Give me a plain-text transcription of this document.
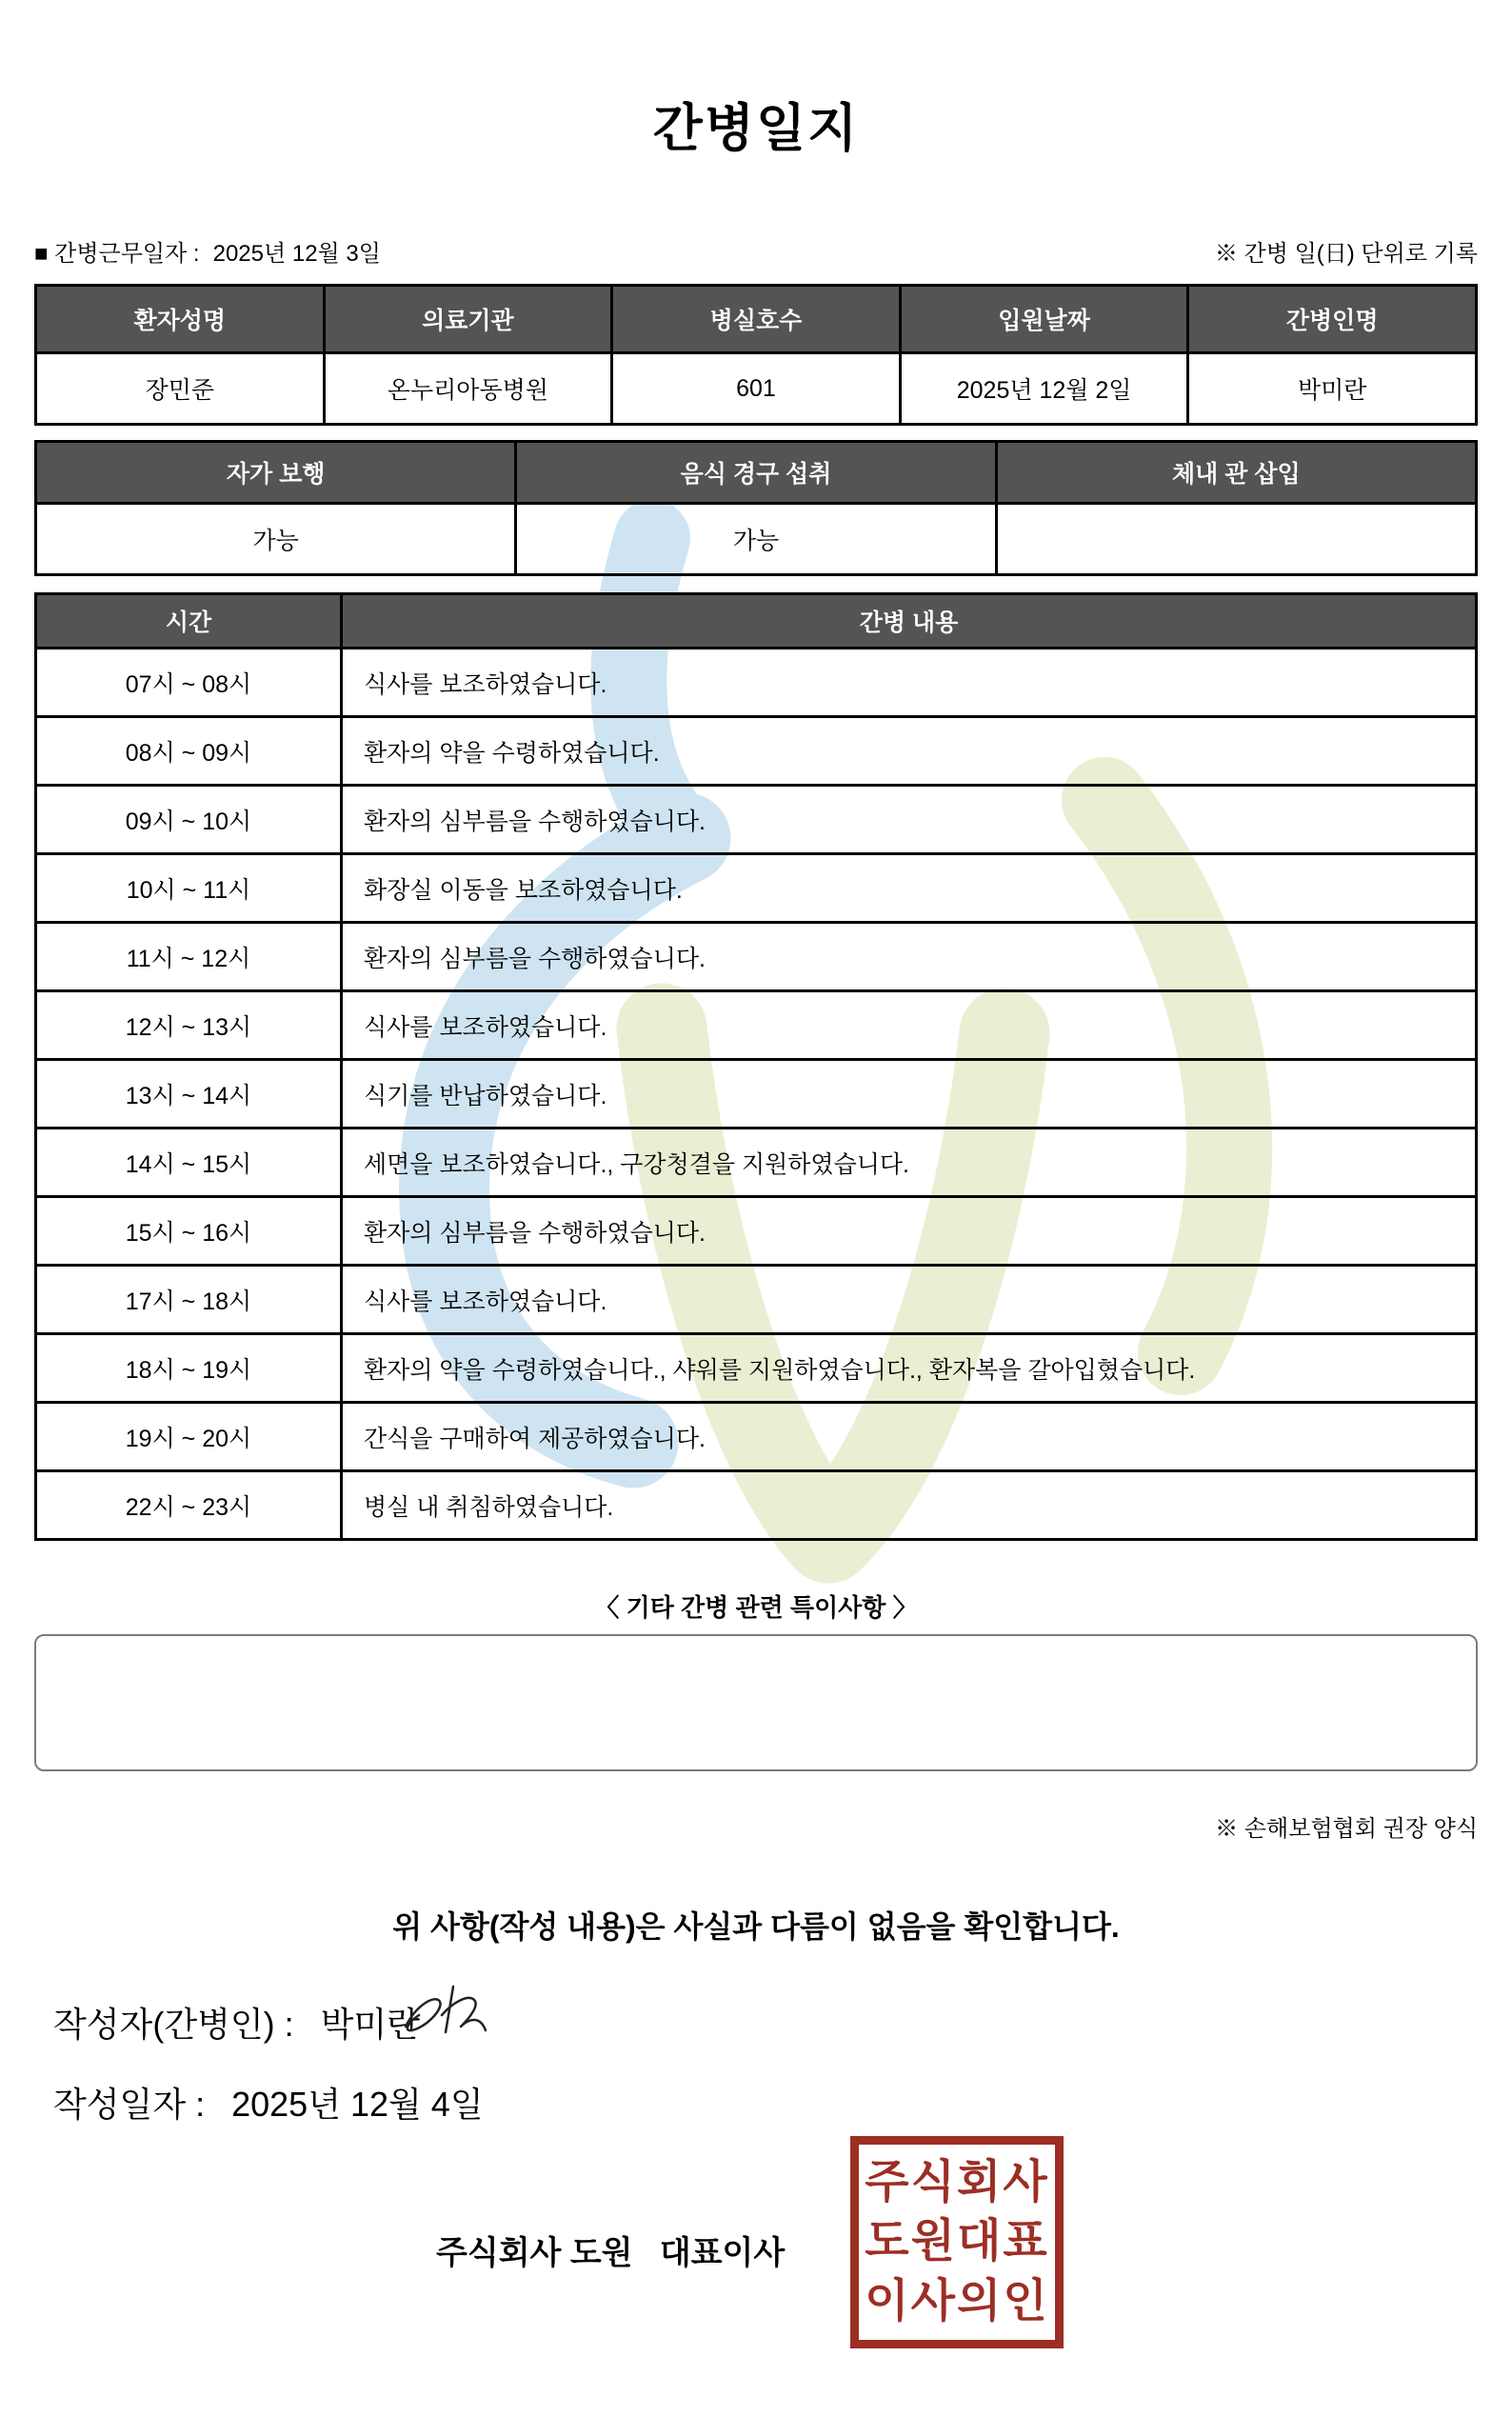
간병일지
■ 간병근무일자 : 2025년 12월 3일	※ 간병 일(日) 단위로 기록
환자성명	의료기관	병실호수	입원날짜	간병인명
장민준	온누리아동병원	601	2025년 12월 2일	박미란
자가 보행	음식 경구 섭취	체내 관 삽입
가능	가능	
시간	간병 내용
07시 ~ 08시	식사를 보조하였습니다.
08시 ~ 09시	환자의 약을 수령하였습니다.
09시 ~ 10시	환자의 심부름을 수행하였습니다.
10시 ~ 11시	화장실 이동을 보조하였습니다.
11시 ~ 12시	환자의 심부름을 수행하였습니다.
12시 ~ 13시	식사를 보조하였습니다.
13시 ~ 14시	식기를 반납하였습니다.
14시 ~ 15시	세면을 보조하였습니다., 구강청결을 지원하였습니다.
15시 ~ 16시	환자의 심부름을 수행하였습니다.
17시 ~ 18시	식사를 보조하였습니다.
18시 ~ 19시	환자의 약을 수령하였습니다., 샤워를 지원하였습니다., 환자복을 갈아입혔습니다.
19시 ~ 20시	간식을 구매하여 제공하였습니다.
22시 ~ 23시	병실 내 취침하였습니다.
〈 기타 간병 관련 특이사항 〉
※ 손해보험협회 권장 양식
위 사항(작성 내용)은 사실과 다름이 없음을 확인합니다.
작성자(간병인) : 박미란
작성일자 : 2025년 12월 4일
주식회사 도원   대표이사
주식회사
도원대표
이사의인
